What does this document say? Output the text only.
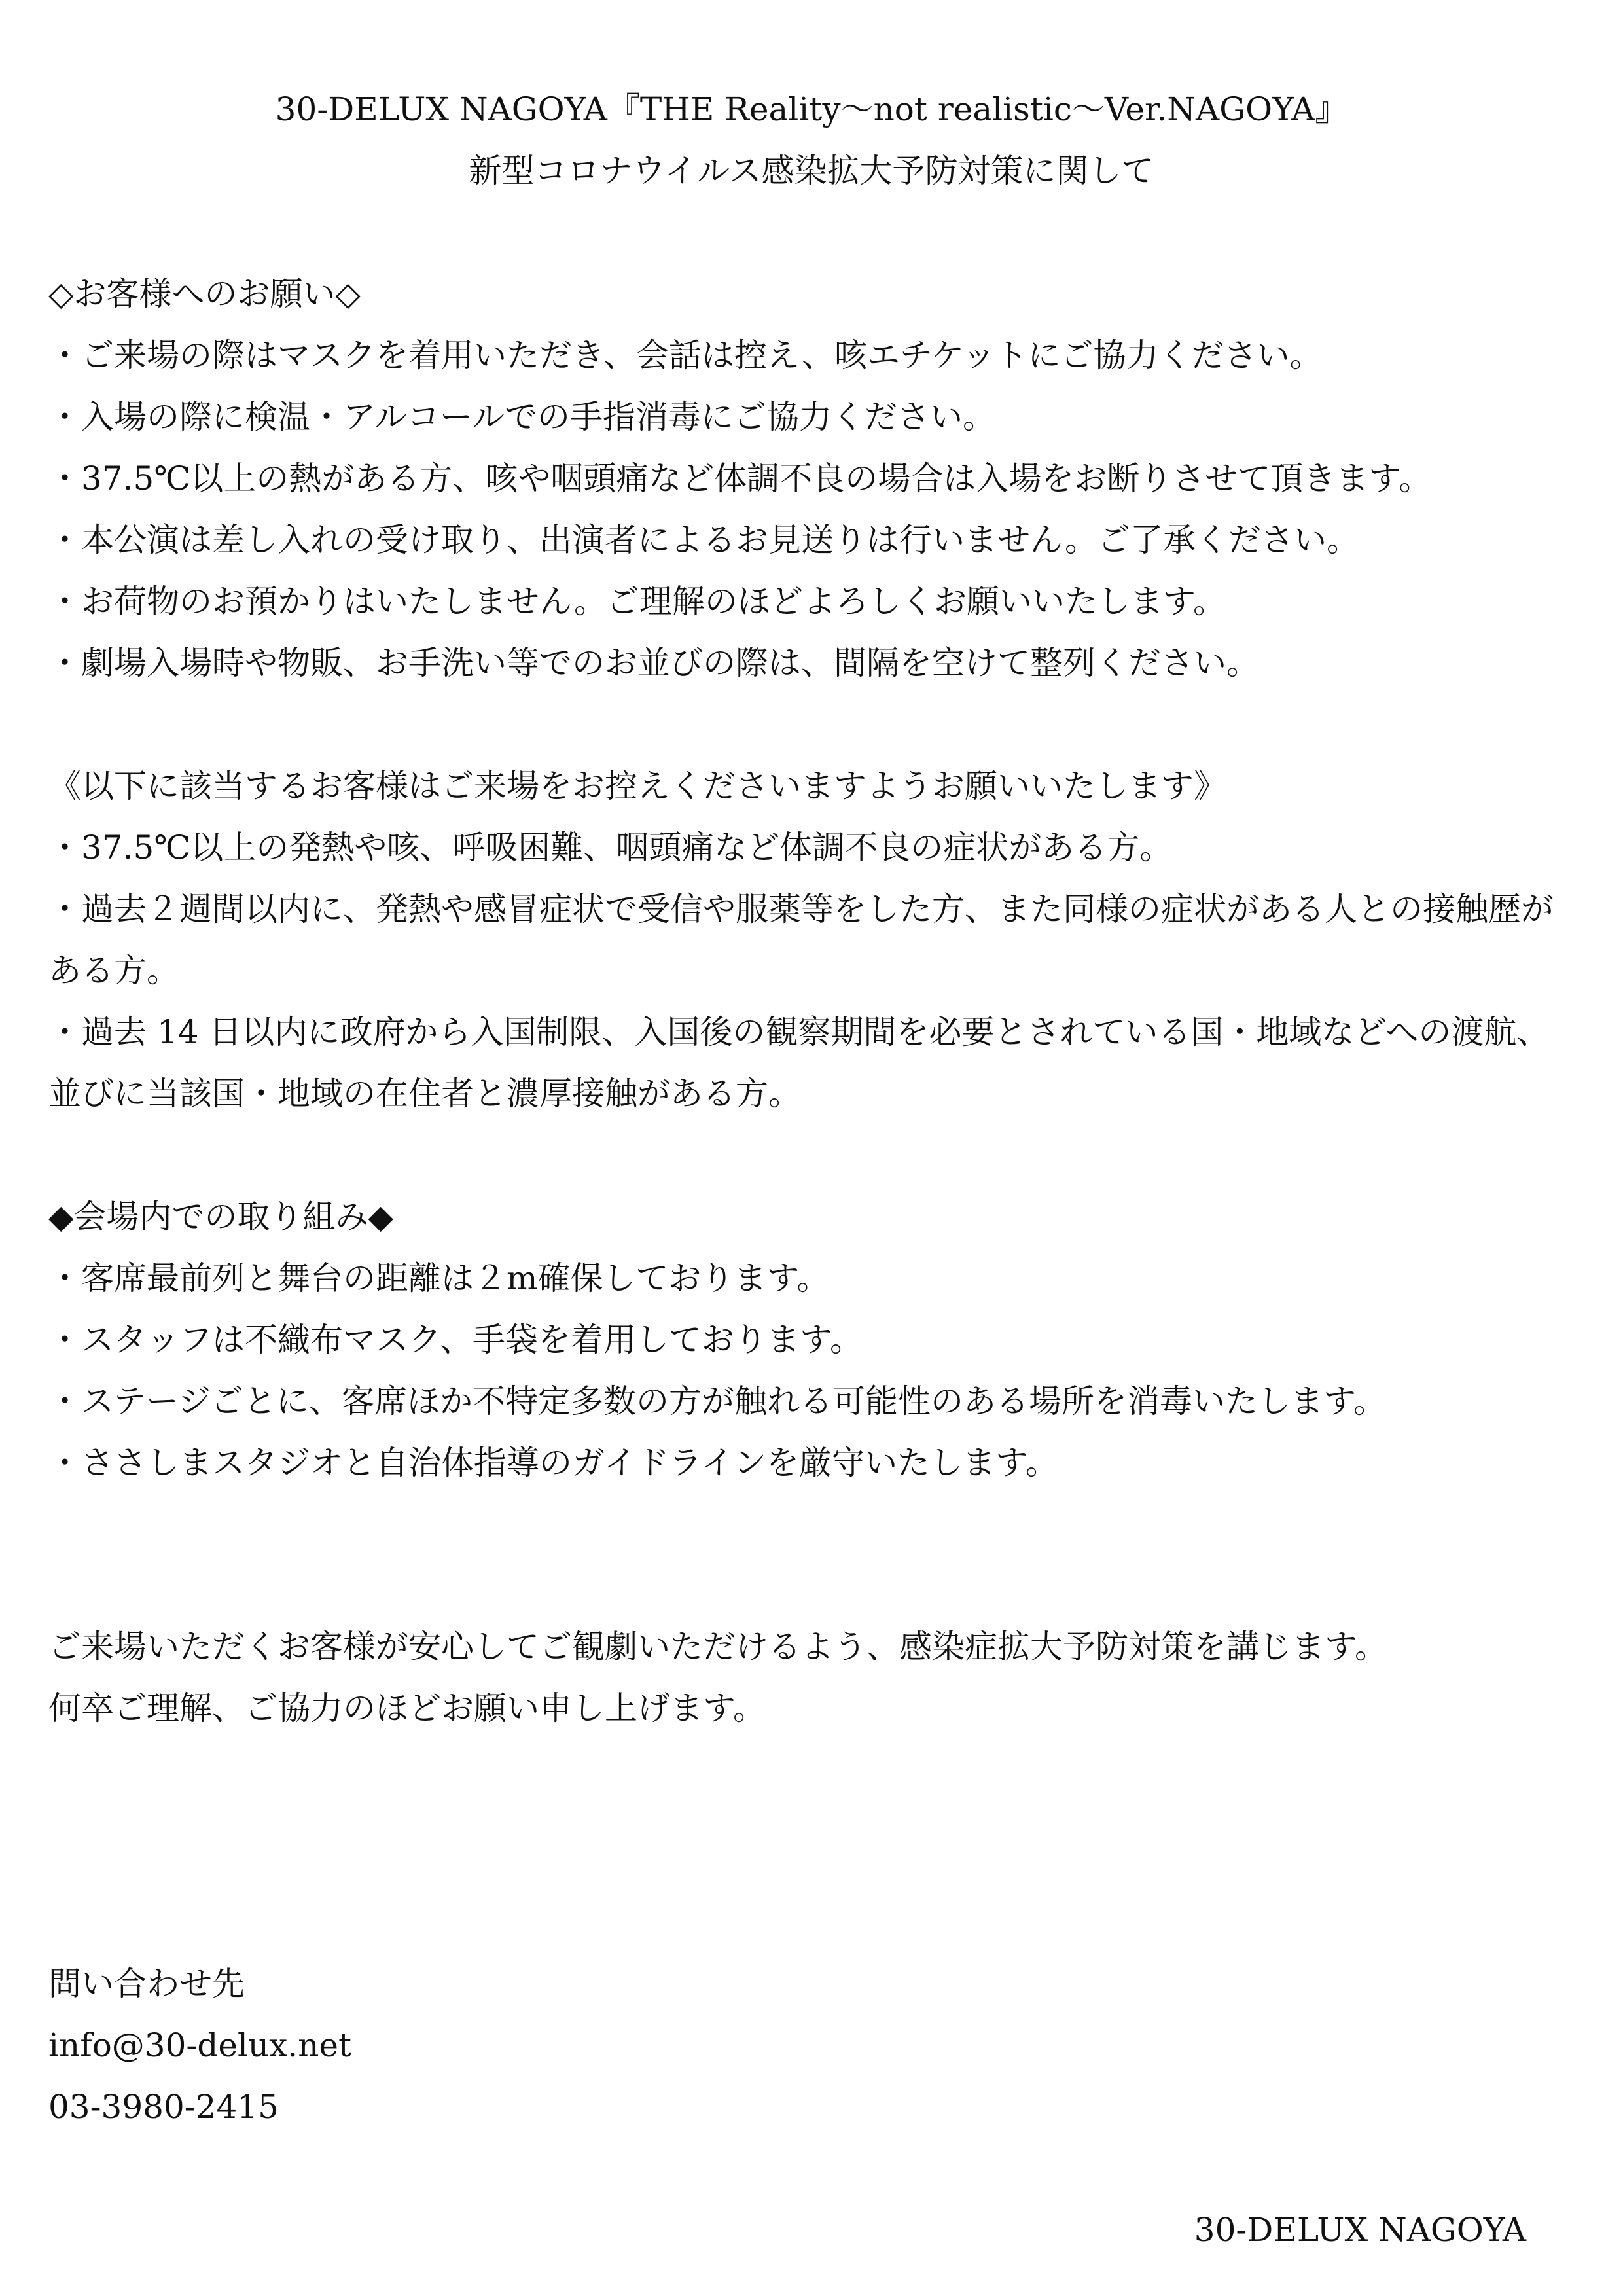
30-DELUX NAGOYA『THE Reality～not realistic～Ver.NAGOYA』
新型コロナウイルス感染拡大予防対策に関して

◇お客様へのお願い◇

・ご来場の際はマスクを着用いただき、会話は控え、咳エチケットにご協力ください。

・入場の際に検温・アルコールでの手指消毒にご協力ください。

・37.5℃以上の熱がある方、咳や咽頭痛など体調不良の場合は入場をお断りさせて頂きます。

・本公演は差し入れの受け取り、出演者によるお見送りは行いません。ご了承ください。

・お荷物のお預かりはいたしません。ご理解のほどよろしくお願いいたします。

・劇場入場時や物販、お手洗い等でのお並びの際は、間隔を空けて整列ください。

《以下に該当するお客様はご来場をお控えくださいますようお願いいたします》

・37.5℃以上の発熱や咳、呼吸困難、咽頭痛など体調不良の症状がある方。

・過去２週間以内に、発熱や感冒症状で受信や服薬等をした方、また同様の症状がある人との接触歴がある方。

・過去 14 日以内に政府から入国制限、入国後の観察期間を必要とされている国・地域などへの渡航、並びに当該国・地域の在住者と濃厚接触がある方。

◆会場内での取り組み◆

・客席最前列と舞台の距離は２m確保しております。

・スタッフは不織布マスク、手袋を着用しております。

・ステージごとに、客席ほか不特定多数の方が触れる可能性のある場所を消毒いたします。

・ささしまスタジオと自治体指導のガイドラインを厳守いたします。

ご来場いただくお客様が安心してご観劇いただけるよう、感染症拡大予防対策を講じます。

何卒ご理解、ご協力のほどお願い申し上げます。

問い合わせ先

info@30-delux.net

03-3980-2415

30-DELUX NAGOYA
